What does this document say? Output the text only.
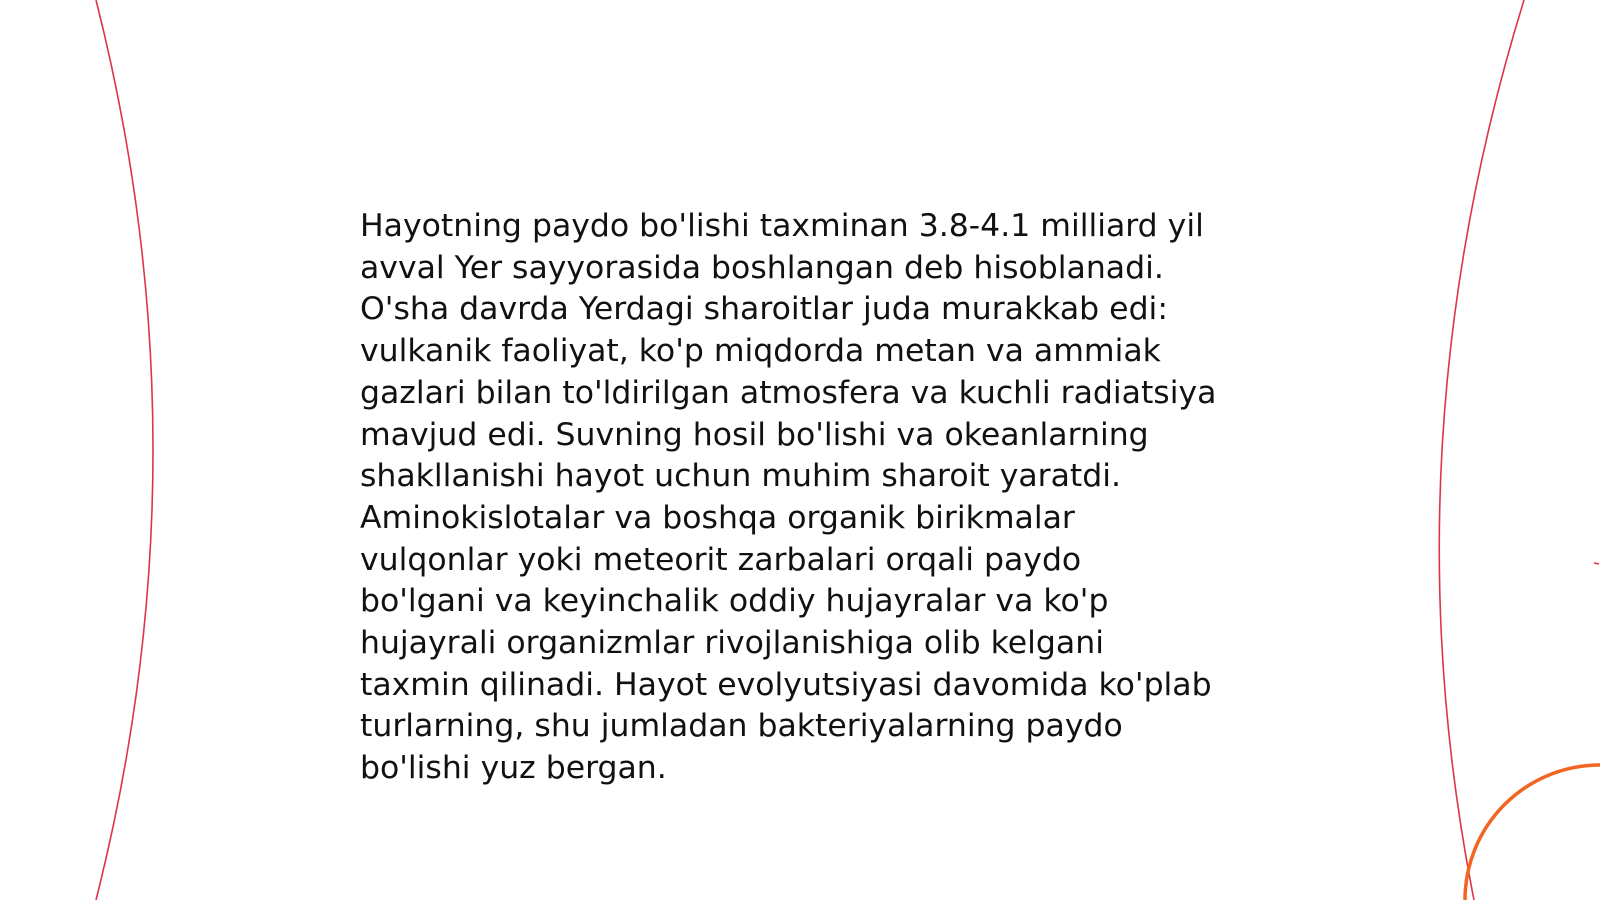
Hayotning paydo bo'lishi taxminan 3.8-4.1 milliard yil
avval Yer sayyorasida boshlangan deb hisoblanadi.
O'sha davrda Yerdagi sharoitlar juda murakkab edi:
vulkanik faoliyat, ko'p miqdorda metan va ammiak
gazlari bilan to'ldirilgan atmosfera va kuchli radiatsiya
mavjud edi. Suvning hosil bo'lishi va okeanlarning
shakllanishi hayot uchun muhim sharoit yaratdi.
Aminokislotalar va boshqa organik birikmalar
vulqonlar yoki meteorit zarbalari orqali paydo
bo'lgani va keyinchalik oddiy hujayralar va ko'p
hujayrali organizmlar rivojlanishiga olib kelgani
taxmin qilinadi. Hayot evolyutsiyasi davomida ko'plab
turlarning, shu jumladan bakteriyalarning paydo
bo'lishi yuz bergan.
